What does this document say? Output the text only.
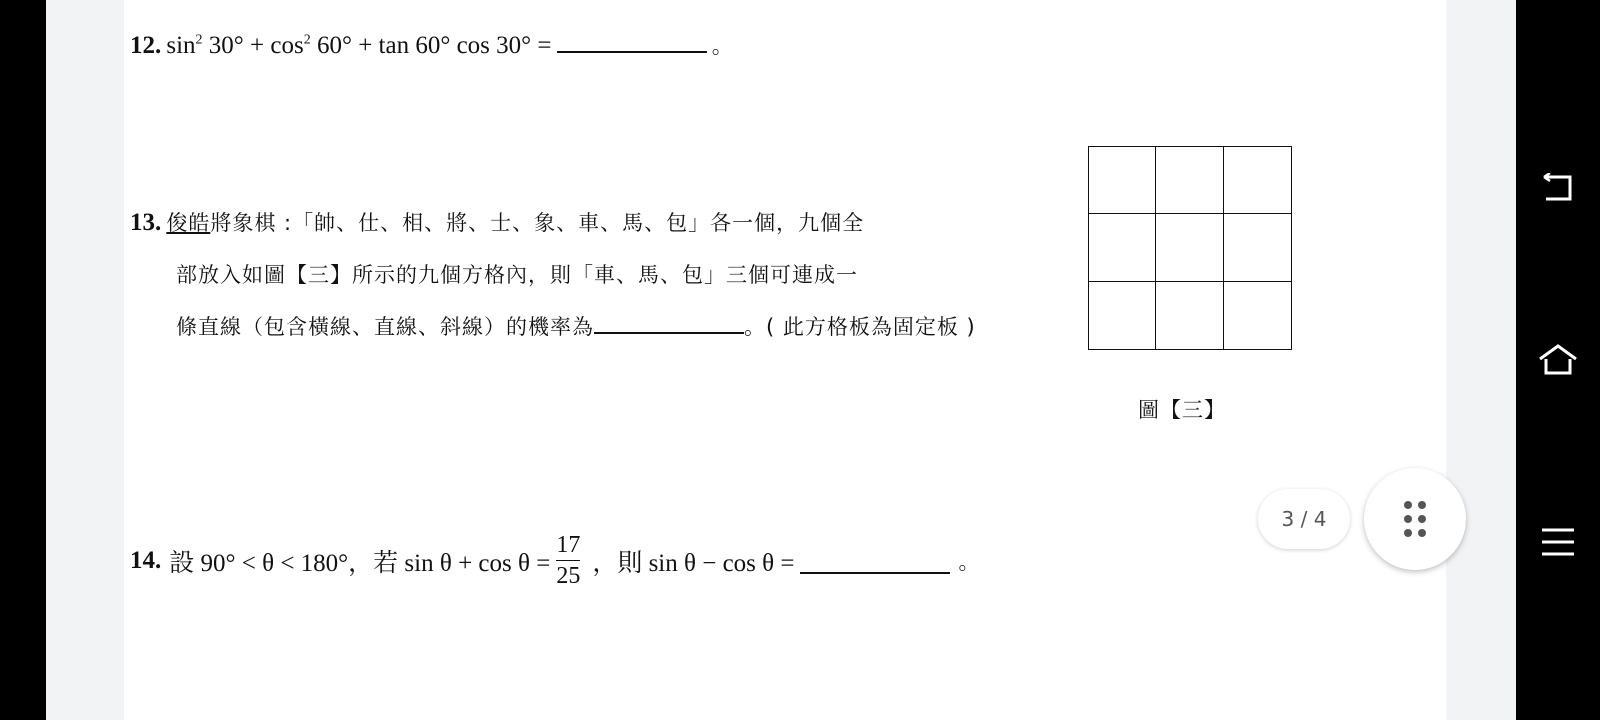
12. $\sin^2 30^\circ + \cos^2 60^\circ + \tan 60^\circ$ cos 30° =	。
13. 俊皓將象棋 :「帥、仕、相、將、士、象、車、馬、包」各一個，九個全
部放入如圖【三】所示的九個方格內，則「車、馬、包」三個可連成一
條直線（包含橫線、直線、斜線）的機率為	。( 此方格板為固定板 )
圖【三】
14. 設 90° < θ < 180°，若 $\sin \theta + \cos \theta = \frac{17}{25}$ ，則 sin θ − cos θ =	。
3 / 4
